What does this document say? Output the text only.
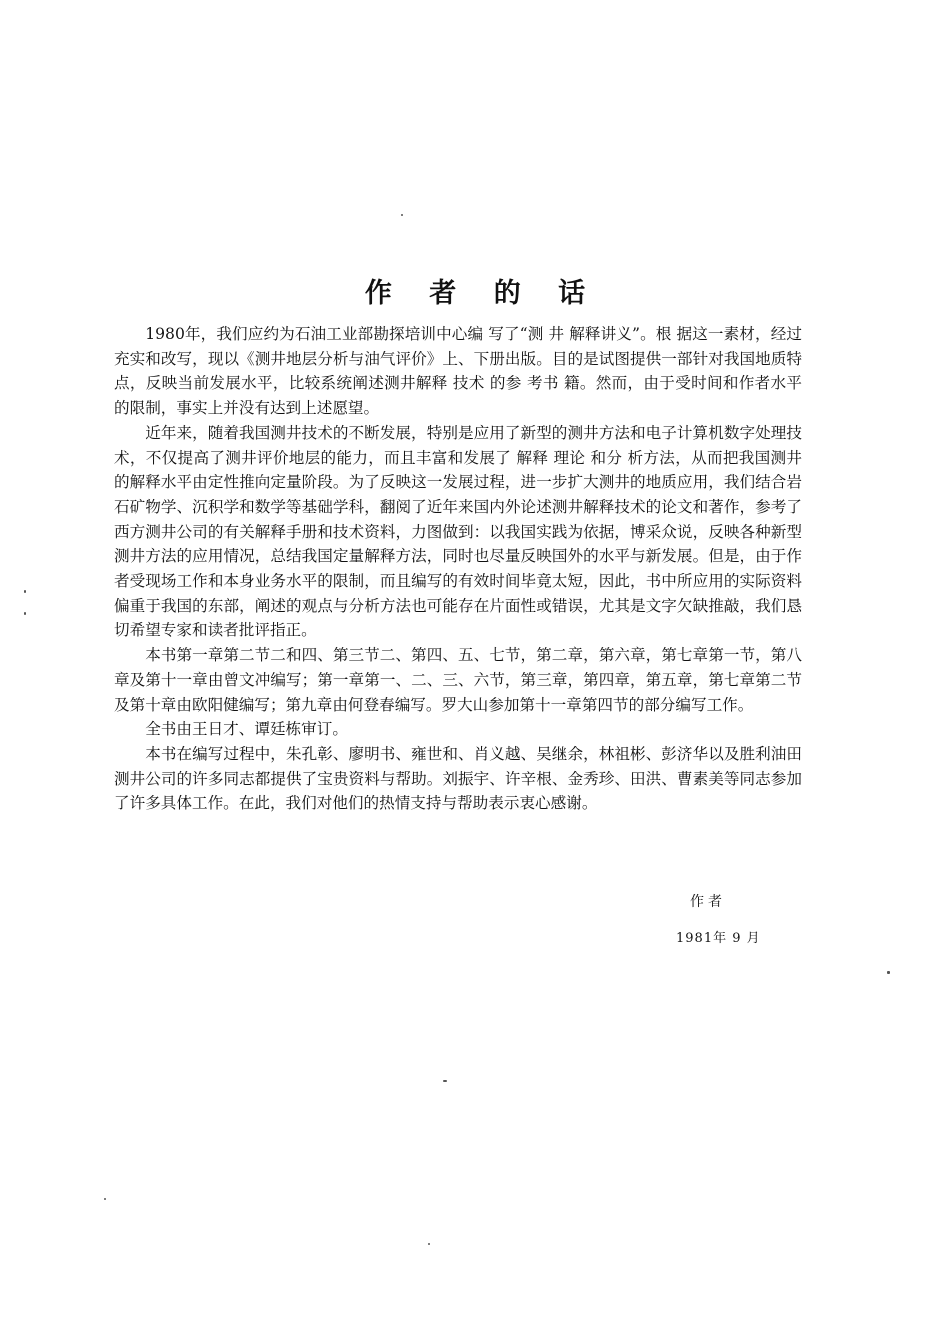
作 者 的 话

1980年，我们应约为石油工业部勘探培训中心编 写了“测 井 解释讲义”。根 据这一素材，经过充实和改写，现以《测井地层分析与油气评价》上、下册出版。目的是试图提供一部针对我国地质特点，反映当前发展水平，比较系统阐述测井解释 技术 的参 考书 籍。然而，由于受时间和作者水平的限制，事实上并没有达到上述愿望。

近年来，随着我国测井技术的不断发展，特别是应用了新型的测井方法和电子计算机数字处理技术，不仅提高了测井评价地层的能力，而且丰富和发展了 解释 理论 和分 析方法，从而把我国测井的解释水平由定性推向定量阶段。为了反映这一发展过程，进一步扩大测井的地质应用，我们结合岩石矿物学、沉积学和数学等基础学科，翻阅了近年来国内外论述测井解释技术的论文和著作，参考了西方测井公司的有关解释手册和技术资料，力图做到：以我国实践为依据，博采众说，反映各种新型测井方法的应用情况，总结我国定量解释方法，同时也尽量反映国外的水平与新发展。但是，由于作者受现场工作和本身业务水平的限制，而且编写的有效时间毕竟太短，因此，书中所应用的实际资料偏重于我国的东部，阐述的观点与分析方法也可能存在片面性或错误，尤其是文字欠缺推敲，我们恳切希望专家和读者批评指正。

本书第一章第二节二和四、第三节二、第四、五、七节，第二章，第六章，第七章第一节，第八章及第十一章由曾文冲编写；第一章第一、二、三、六节，第三章，第四章，第五章，第七章第二节及第十章由欧阳健编写；第九章由何登春编写。罗大山参加第十一章第四节的部分编写工作。

全书由王日才、谭廷栋审订。

本书在编写过程中，朱孔彰、廖明书、雍世和、肖义越、吴继余，林祖彬、彭济华以及胜利油田测井公司的许多同志都提供了宝贵资料与帮助。刘振宇、许辛根、金秀珍、田洪、曹素美等同志参加了许多具体工作。在此，我们对他们的热情支持与帮助表示衷心感谢。

作者
1981年 9 月
